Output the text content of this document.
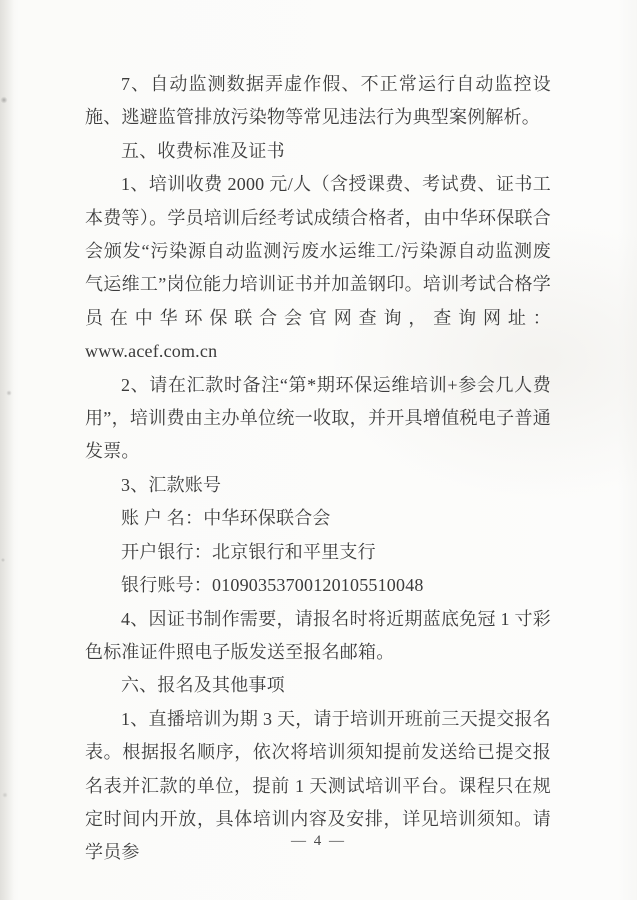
7、自动监测数据弄虚作假、不正常运行自动监控设施、逃避监管排放污染物等常见违法行为典型案例解析。

五、收费标准及证书

1、培训收费 2000 元/人（含授课费、考试费、证书工本费等）。学员培训后经考试成绩合格者，由中华环保联合会颁发“污染源自动监测污废水运维工/污染源自动监测废气运维工”岗位能力培训证书并加盖钢印。培训考试合格学员在中华环保联合会官网查询，查询网址：www.acef.com.cn

2、请在汇款时备注“第*期环保运维培训+参会几人费用”，培训费由主办单位统一收取，并开具增值税电子普通发票。

3、汇款账号

账 户 名：中华环保联合会

开户银行：北京银行和平里支行

银行账号：01090353700120105510048

4、因证书制作需要，请报名时将近期蓝底免冠 1 寸彩色标准证件照电子版发送至报名邮箱。

六、报名及其他事项

1、直播培训为期 3 天，请于培训开班前三天提交报名表。根据报名顺序，依次将培训须知提前发送给已提交报名表并汇款的单位，提前 1 天测试培训平台。课程只在规定时间内开放，具体培训内容及安排，详见培训须知。请学员参

— 4 —
